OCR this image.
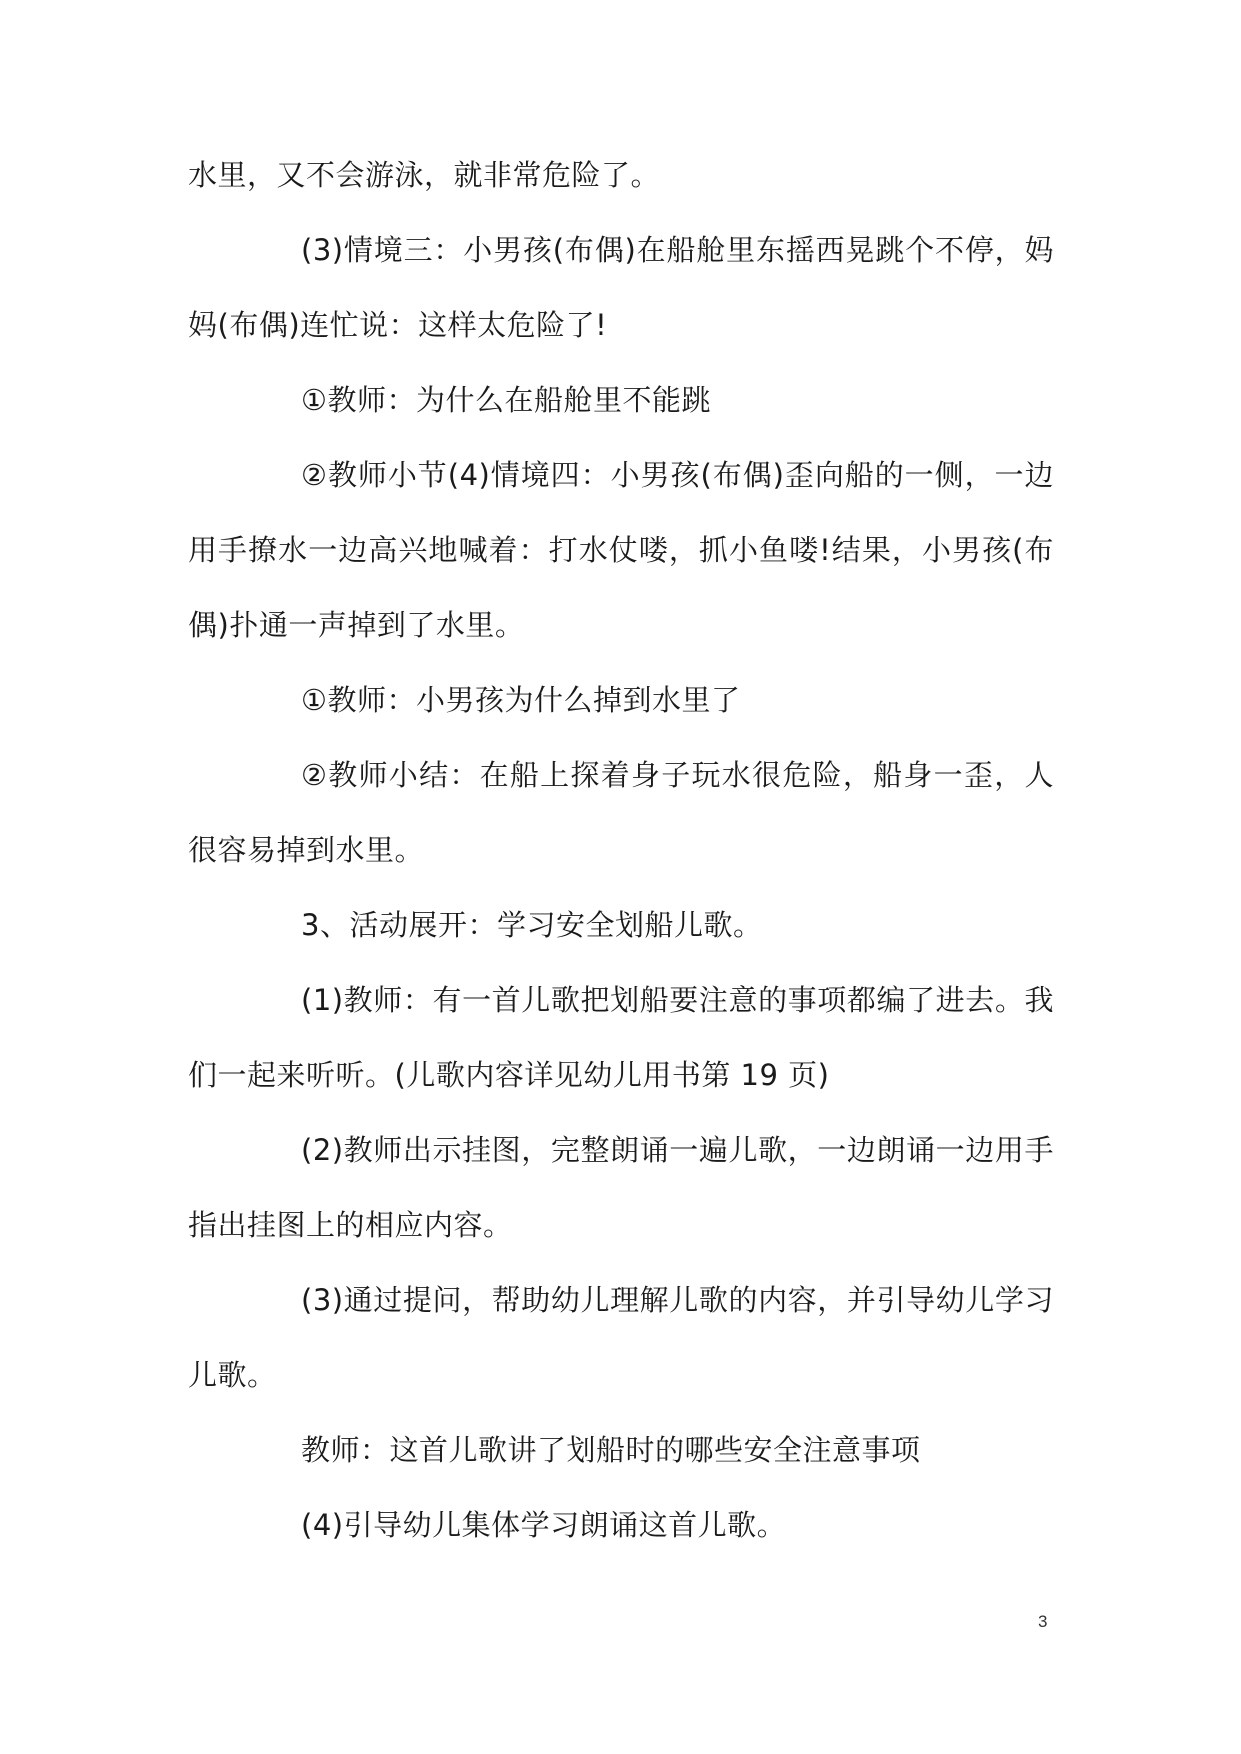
水里，又不会游泳，就非常危险了。

(3)情境三：小男孩(布偶)在船舱里东摇西晃跳个不停，妈妈(布偶)连忙说：这样太危险了!

①教师：为什么在船舱里不能跳

②教师小节(4)情境四：小男孩(布偶)歪向船的一侧，一边用手撩水一边高兴地喊着：打水仗喽，抓小鱼喽!结果，小男孩(布偶)扑通一声掉到了水里。

①教师：小男孩为什么掉到水里了

②教师小结：在船上探着身子玩水很危险，船身一歪，人很容易掉到水里。

3、活动展开：学习安全划船儿歌。

(1)教师：有一首儿歌把划船要注意的事项都编了进去。我们一起来听听。(儿歌内容详见幼儿用书第 19 页)

(2)教师出示挂图，完整朗诵一遍儿歌，一边朗诵一边用手指出挂图上的相应内容。

(3)通过提问，帮助幼儿理解儿歌的内容，并引导幼儿学习儿歌。

教师：这首儿歌讲了划船时的哪些安全注意事项

(4)引导幼儿集体学习朗诵这首儿歌。

3
